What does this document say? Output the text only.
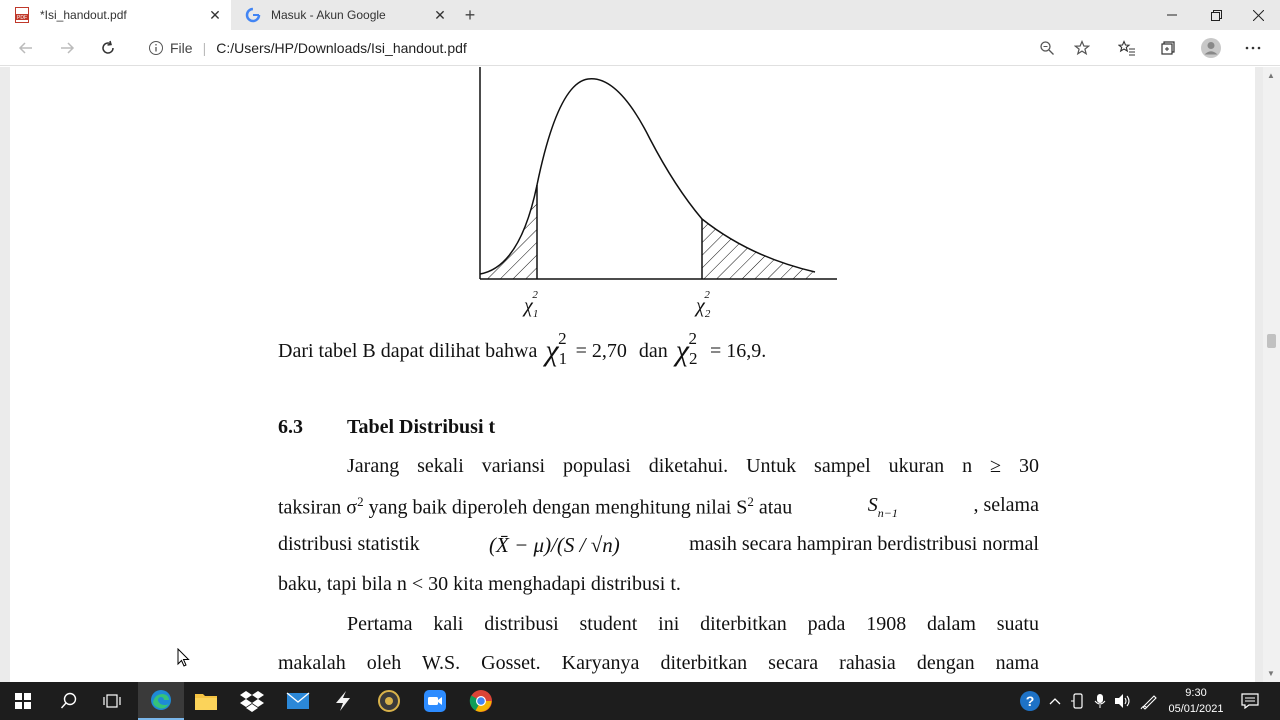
PDF *Isi_handout.pdf	✕	Masuk - Akun Google	✕ +
File | C:/Users/HP/Downloads/Isi_handout.pdf
$\chi_1^2$	$\chi_2^2$
Dari tabel B dapat dilihat bahwa χ 1
2
= 2,70 dan χ 2
2
= 16,9.
6.3 Tabel Distribusi t
Jarang sekali variansi populasi diketahui. Untuk sampel ukuran n ≥ 30
taksiran $\sigma^2$ yang baik diperoleh dengan menghitung nilai $S^2$ atau	$S_{n-1}$	, selama
distribusi statistik	(X̄ − μ)/(S / √n)	masih secara hampiran berdistribusi normal
baku, tapi bila n < 30 kita menghadapi distribusi t.
Pertama kali distribusi student ini diterbitkan pada 1908 dalam suatu
makalah oleh W.S. Gosset. Karyanya diterbitkan secara rahasia dengan nama
▲
▼
?	9:30
05/01/2021
